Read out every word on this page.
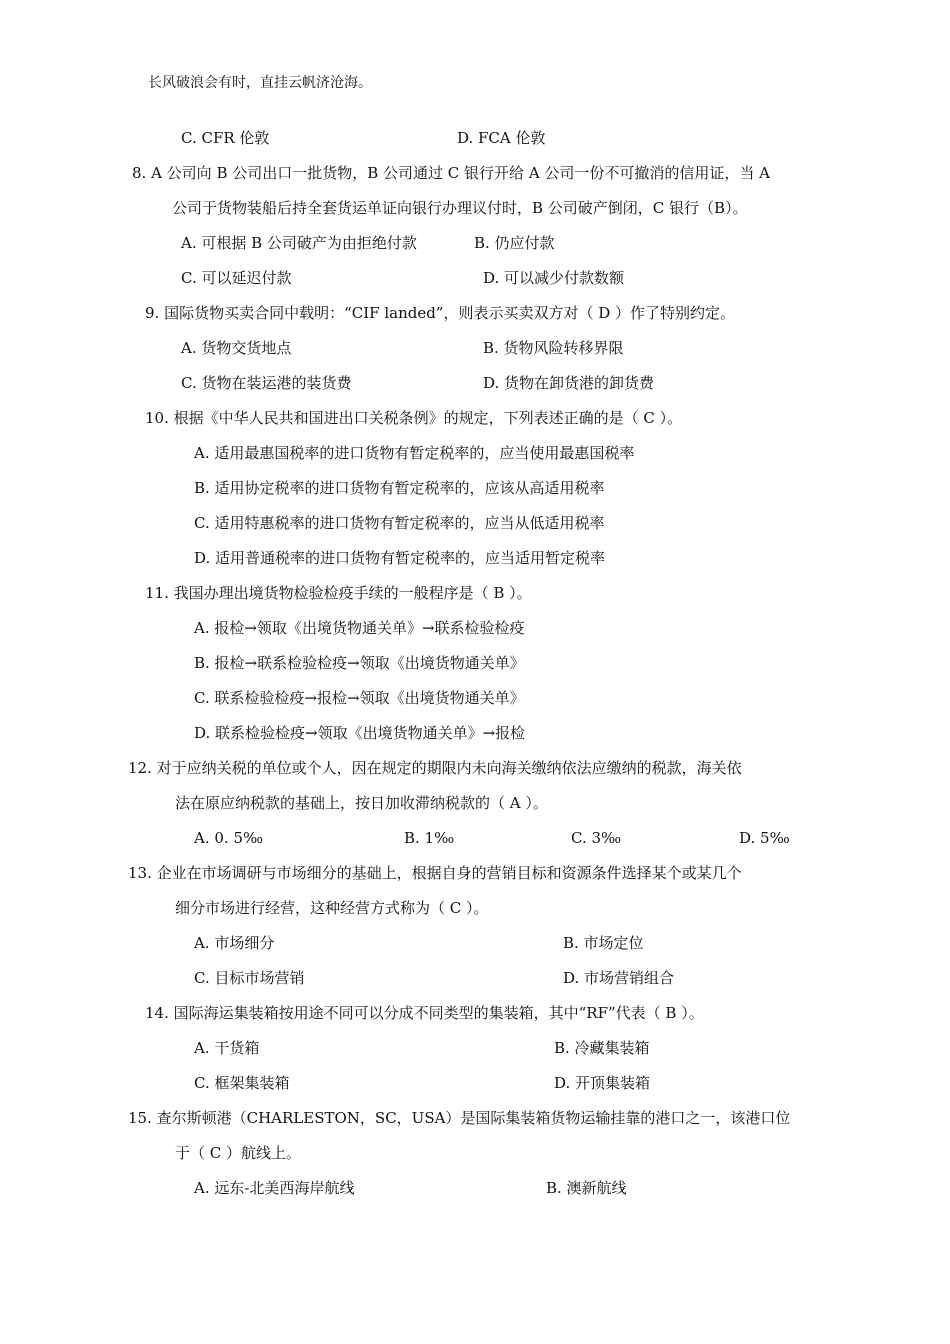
长风破浪会有时，直挂云帆济沧海。
C. CFR 伦敦	D. FCA 伦敦
8. A 公司向 B 公司出口一批货物，B 公司通过 C 银行开给 A 公司一份不可撤消的信用证，当 A
公司于货物装船后持全套货运单证向银行办理议付时，B 公司破产倒闭，C 银行（B）。
A. 可根据 B 公司破产为由拒绝付款	B. 仍应付款
C. 可以延迟付款	D. 可以减少付款数额
9. 国际货物买卖合同中载明：“CIF landed”，则表示买卖双方对（ D ）作了特别约定。
A. 货物交货地点	B. 货物风险转移界限
C. 货物在装运港的装货费	D. 货物在卸货港的卸货费
10. 根据《中华人民共和国进出口关税条例》的规定，下列表述正确的是（ C ）。
A. 适用最惠国税率的进口货物有暂定税率的，应当使用最惠国税率
B. 适用协定税率的进口货物有暂定税率的，应该从高适用税率
C. 适用特惠税率的进口货物有暂定税率的，应当从低适用税率
D. 适用普通税率的进口货物有暂定税率的，应当适用暂定税率
11. 我国办理出境货物检验检疫手续的一般程序是（ B ）。
A. 报检→领取《出境货物通关单》→联系检验检疫
B. 报检→联系检验检疫→领取《出境货物通关单》
C. 联系检验检疫→报检→领取《出境货物通关单》
D. 联系检验检疫→领取《出境货物通关单》→报检
12. 对于应纳关税的单位或个人，因在规定的期限内未向海关缴纳依法应缴纳的税款，海关依
法在原应纳税款的基础上，按日加收滞纳税款的（ A ）。
A. 0. 5‰	B. 1‰	C. 3‰	D. 5‰
13. 企业在市场调研与市场细分的基础上，根据自身的营销目标和资源条件选择某个或某几个
细分市场进行经营，这种经营方式称为（ C ）。
A. 市场细分	B. 市场定位
C. 目标市场营销	D. 市场营销组合
14. 国际海运集装箱按用途不同可以分成不同类型的集装箱，其中“RF”代表（ B ）。
A. 干货箱	B. 冷藏集装箱
C. 框架集装箱	D. 开顶集装箱
15. 查尔斯顿港（CHARLESTON，SC，USA）是国际集装箱货物运输挂靠的港口之一，该港口位
于（ C ）航线上。
A. 远东-北美西海岸航线	B. 澳新航线
